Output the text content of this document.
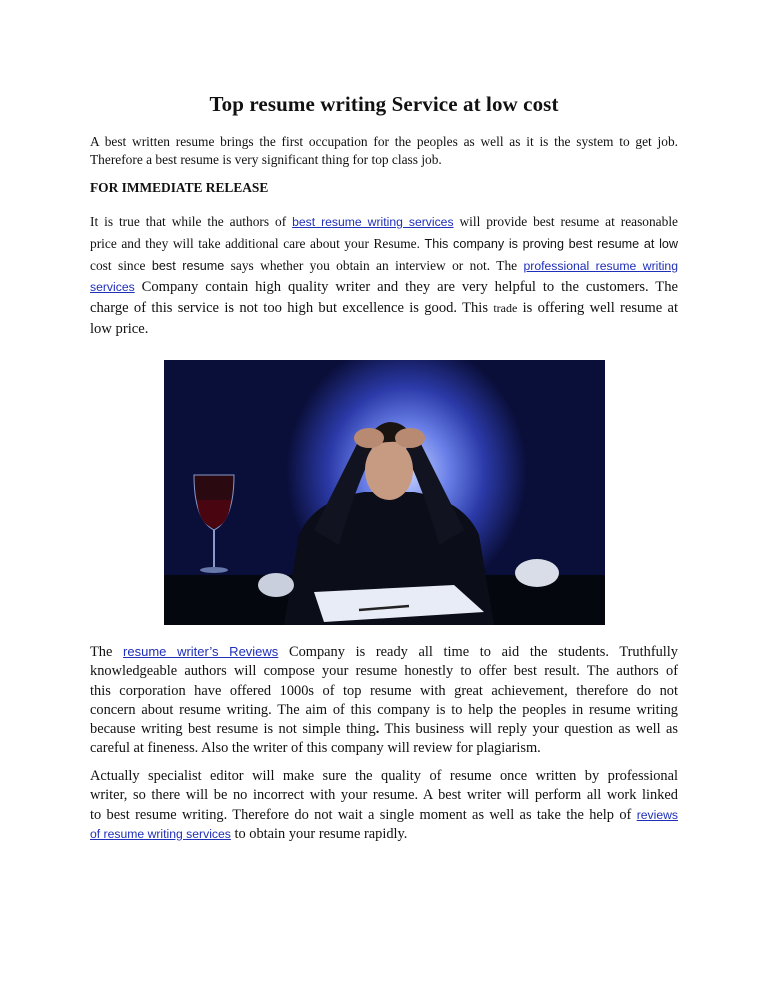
Top resume writing Service at low cost
A best written resume brings the first occupation for the peoples as well as it is the system to get job.
Therefore a best resume is very significant thing for top class job.
FOR IMMEDIATE RELEASE
It is true that while the authors of best resume writing services will provide best resume at reasonable
price and they will take additional care about your Resume. This company is proving best resume at low
cost since best resume says whether you obtain an interview or not. The professional resume writing
services Company contain high quality writer and they are very helpful to the customers. The
charge of this service is not too high but excellence is good. This trade is offering well resume at
low price.
The resume writer’s Reviews Company is ready all time to aid the students. Truthfully
knowledgeable authors will compose your resume honestly to offer best result. The authors of
this corporation have offered 1000s of top resume with great achievement, therefore do not
concern about resume writing. The aim of this company is to help the peoples in resume writing
because writing best resume is not simple thing. This business will reply your question as well as
careful at fineness. Also the writer of this company will review for plagiarism.
Actually specialist editor will make sure the quality of resume once written by professional
writer, so there will be no incorrect with your resume. A best writer will perform all work linked
to best resume writing. Therefore do not wait a single moment as well as take the help of reviews
of resume writing services to obtain your resume rapidly.
